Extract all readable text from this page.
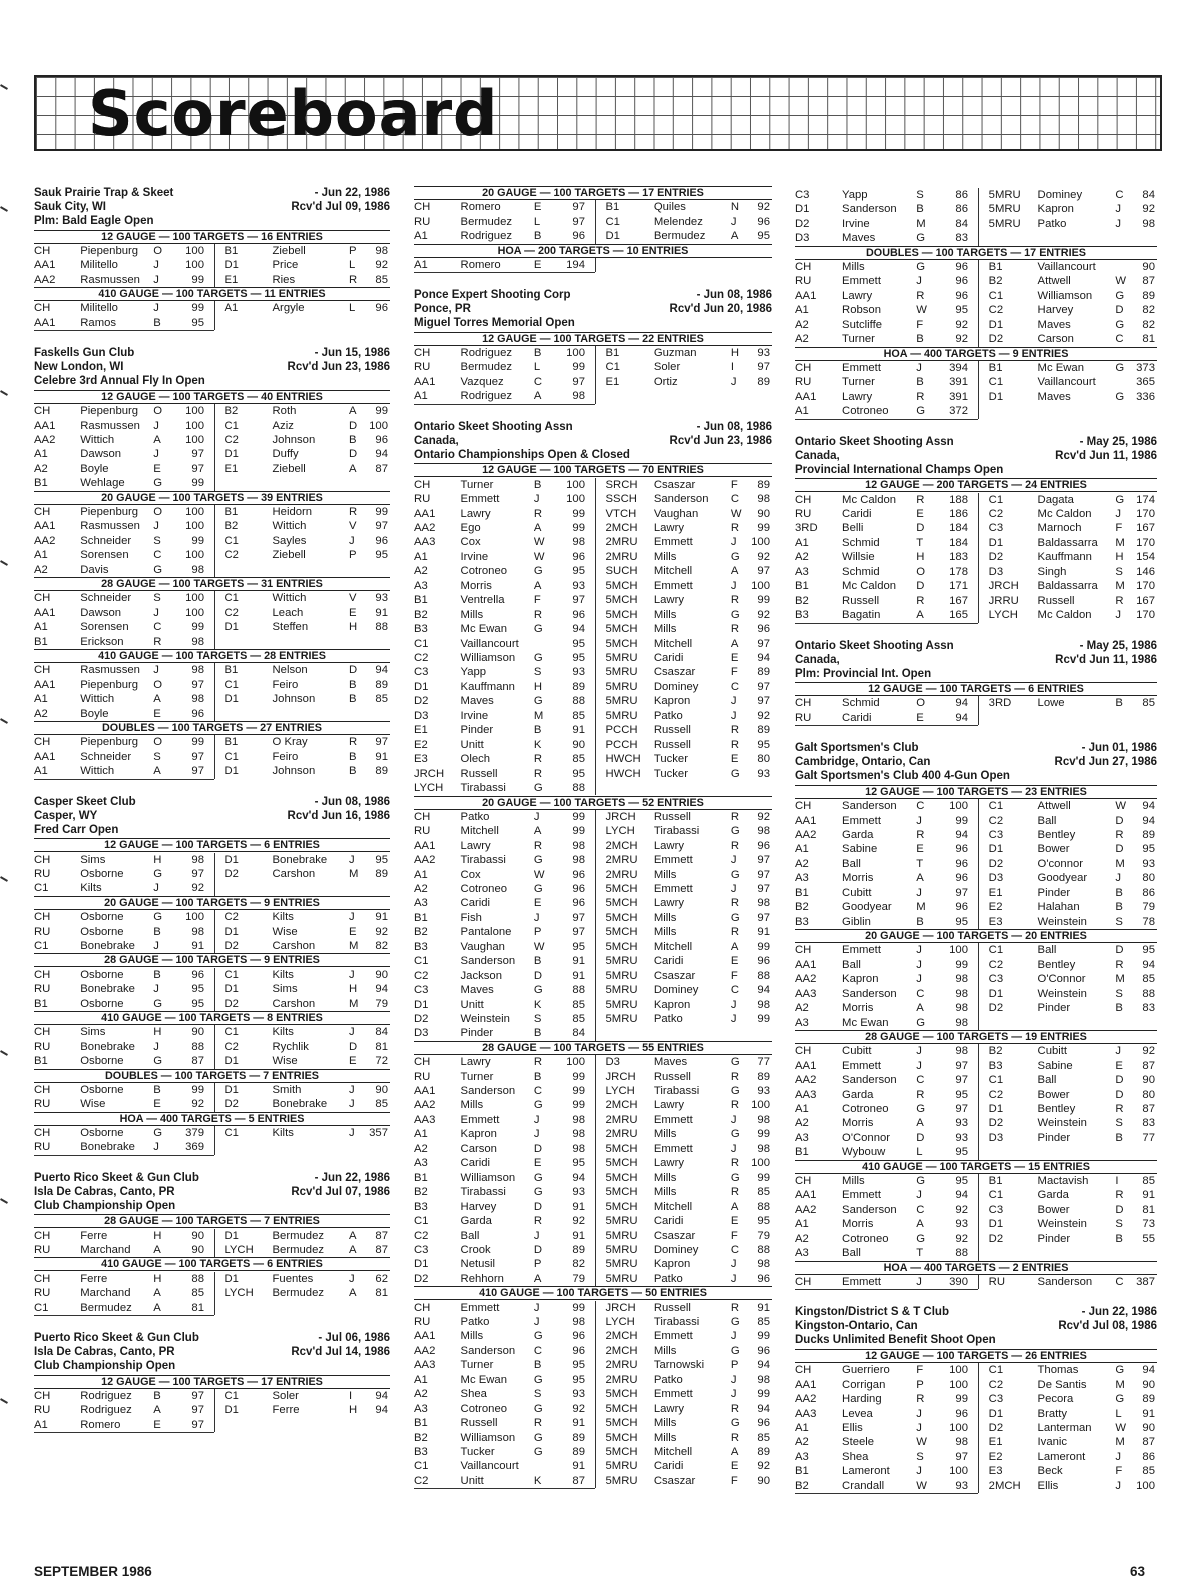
Scoreboard
Sauk Prairie Trap & Skeet	- Jun 22, 1986
Sauk City, WI	Rcv'd Jul 09, 1986
Plm: Bald Eagle Open
12 GAUGE — 100 TARGETS — 16 ENTRIES
CH	Piepenburg O 100 B1	Ziebell	P 98
AA1 Militello	J 100 D1	Price	L 92
AA2 Rasmussen J	99 E1	Ries	R 85
410 GAUGE — 100 TARGETS — 11 ENTRIES
CH	Militello	J	99 A1	Argyle	L 96
AA1 Ramos	B	95
Faskells Gun Club	- Jun 15, 1986
New London, WI	Rcv'd Jun 23, 1986
Celebre 3rd Annual Fly In Open
12 GAUGE — 100 TARGETS — 40 ENTRIES
CH	Piepenburg O 100 B2	Roth	A 99
AA1 Rasmussen J 100 C1	Aziz	D 100
AA2 Wittich	A 100 C2	Johnson	B 96
A1	Dawson	J	97 D1	Duffy	D 94
A2	Boyle	E	97 E1	Ziebell	A 87
B1	Wehlage	G	99
20 GAUGE — 100 TARGETS — 39 ENTRIES
CH	Piepenburg O 100 B1	Heidorn	R 99
AA1 Rasmussen J 100 B2	Wittich	V 97
AA2 Schneider S	99 C1	Sayles	J 96
A1	Sorensen C 100 C2	Ziebell	P 95
A2	Davis	G	98
28 GAUGE — 100 TARGETS — 31 ENTRIES
CH	Schneider S 100 C1	Wittich	V 93
AA1 Dawson	J 100 C2	Leach	E 91
A1	Sorensen C	99 D1	Steffen	H 88
B1	Erickson	R	98
410 GAUGE — 100 TARGETS — 28 ENTRIES
CH	Rasmussen J	98 B1	Nelson	D 94
AA1 Piepenburg O	97 C1	Feiro	B 89
A1	Wittich	A	98 D1	Johnson	B 85
A2	Boyle	E	96
DOUBLES — 100 TARGETS — 27 ENTRIES
CH	Piepenburg O	99 B1	O Kray	R 97
AA1 Schneider S	97 C1	Feiro	B 91
A1	Wittich	A	97 D1	Johnson	B 89
Casper Skeet Club	- Jun 08, 1986
Casper, WY	Rcv'd Jun 16, 1986
Fred Carr Open
12 GAUGE — 100 TARGETS — 6 ENTRIES
CH	Sims	H	98 D1	Bonebrake J 95
RU	Osborne	G	97 D2	Carshon	M 89
C1	Kilts	J	92
20 GAUGE — 100 TARGETS — 9 ENTRIES
CH	Osborne	G 100 C2	Kilts	J 91
RU	Osborne	B	98 D1	Wise	E 92
C1	Bonebrake J	91 D2	Carshon	M 82
28 GAUGE — 100 TARGETS — 9 ENTRIES
CH	Osborne	B	96 C1	Kilts	J 90
RU	Bonebrake J	95 D1	Sims	H 94
B1	Osborne	G	95 D2	Carshon	M 79
410 GAUGE — 100 TARGETS — 8 ENTRIES
CH	Sims	H	90 C1	Kilts	J 84
RU	Bonebrake J	88 C2	Rychlik	D 81
B1	Osborne	G	87 D1	Wise	E 72
DOUBLES — 100 TARGETS — 7 ENTRIES
CH	Osborne	B	99 D1	Smith	J 90
RU	Wise	E	92 D2	Bonebrake J 85
HOA — 400 TARGETS — 5 ENTRIES
CH	Osborne	G 379 C1	Kilts	J 357
RU	Bonebrake J 369
Puerto Rico Skeet & Gun Club	- Jun 22, 1986
Isla De Cabras, Canto, PR	Rcv'd Jul 07, 1986
Club Championship Open
28 GAUGE — 100 TARGETS — 7 ENTRIES
CH	Ferre	H	90 D1	Bermudez A 87
RU	Marchand A	90 LYCH Bermudez A 87
410 GAUGE — 100 TARGETS — 6 ENTRIES
CH	Ferre	H	88 D1	Fuentes	J 62
RU	Marchand A	85 LYCH Bermudez A 81
C1	Bermudez A	81
Puerto Rico Skeet & Gun Club	- Jul 06, 1986
Isla De Cabras, Canto, PR	Rcv'd Jul 14, 1986
Club Championship Open
12 GAUGE — 100 TARGETS — 17 ENTRIES
CH	Rodriguez B	97 C1	Soler	I 94
RU	Rodriguez A	97 D1	Ferre	H 94
A1	Romero	E	97
20 GAUGE — 100 TARGETS — 17 ENTRIES
CH	Romero	E	97 B1	Quiles	N 92
RU	Bermudez L	97 C1	Melendez J 96
A1	Rodriguez B	96 D1	Bermudez A 95
HOA — 200 TARGETS — 10 ENTRIES
A1	Romero	E 194
Ponce Expert Shooting Corp	- Jun 08, 1986
Ponce, PR	Rcv'd Jun 20, 1986
Miguel Torres Memorial Open
12 GAUGE — 100 TARGETS — 22 ENTRIES
CH	Rodriguez B 100 B1	Guzman	H 93
RU	Bermudez L	99 C1	Soler	I 97
AA1 Vazquez	C	97 E1	Ortiz	J 89
A1	Rodriguez A	98
Ontario Skeet Shooting Assn	- Jun 08, 1986
Canada,	Rcv'd Jun 23, 1986
Ontario Championships Open & Closed
12 GAUGE — 100 TARGETS — 70 ENTRIES
CH	Turner	B 100 SRCH Csaszar	F 89
RU	Emmett	J 100 SSCH Sanderson C 98
AA1 Lawry	R	99 VTCH Vaughan	W 90
AA2 Ego	A	99 2MCH Lawry	R 99
AA3 Cox	W 98 2MRU Emmett	J 100
A1	Irvine	W 96 2MRU Mills	G 92
A2	Cotroneo G	95 SUCH Mitchell	A 97
A3	Morris	A	93 5MCH Emmett	J 100
B1	Ventrella	F	97 5MCH Lawry	R 99
B2	Mills	R	96 5MCH Mills	G 92
B3	Mc Ewan G	94 5MCH Mills	R 96
C1	Vaillancourt	95 5MCH Mitchell	A 97
C2	Williamson G	95 5MRU Caridi	E 94
C3	Yapp	S	93 5MRU Csaszar	F 89
D1	Kauffmann H	89 5MRU Dominey	C 97
D2	Maves	G	88 5MRU Kapron	J 97
D3	Irvine	M	85 5MRU Patko	J 92
E1	Pinder	B	91 PCCH Russell	R 89
E2	Unitt	K	90 PCCH Russell	R 95
E3	Olech	R	85 HWCH Tucker	E 80
JRCH Russell	R	95 HWCH Tucker	G 93
LYCH Tirabassi G	88
20 GAUGE — 100 TARGETS — 52 ENTRIES
CH	Patko	J	99 JRCH Russell	R 92
RU	Mitchell	A	99 LYCH Tirabassi	G 98
AA1 Lawry	R	98 2MCH Lawry	R 96
AA2 Tirabassi G	98 2MRU Emmett	J 97
A1	Cox	W 96 2MRU Mills	G 97
A2	Cotroneo G	96 5MCH Emmett	J 97
A3	Caridi	E	96 5MCH Lawry	R 98
B1	Fish	J	97 5MCH Mills	G 97
B2	Pantalone P	97 5MCH Mills	R 91
B3	Vaughan	W 95 5MCH Mitchell	A 99
C1	Sanderson B	91 5MRU Caridi	E 96
C2	Jackson	D	91 5MRU Csaszar	F 88
C3	Maves	G	88 5MRU Dominey	C 94
D1	Unitt	K	85 5MRU Kapron	J 98
D2	Weinstein S	85 5MRU Patko	J 99
D3	Pinder	B	84
28 GAUGE — 100 TARGETS — 55 ENTRIES
CH	Lawry	R 100 D3	Maves	G 77
RU	Turner	B	99 JRCH Russell	R 89
AA1 Sanderson C	99 LYCH Tirabassi	G 93
AA2 Mills	G	99 2MCH Lawry	R 100
AA3 Emmett	J	98 2MRU Emmett	J 98
A1	Kapron	J	98 2MRU Mills	G 99
A2	Carson	D	98 5MCH Emmett	J 98
A3	Caridi	E	95 5MCH Lawry	R 100
B1	Williamson G	94 5MCH Mills	G 99
B2	Tirabassi G	93 5MCH Mills	R 85
B3	Harvey	D	91 5MCH Mitchell	A 88
C1	Garda	R	92 5MRU Caridi	E 95
C2	Ball	J	91 5MRU Csaszar	F 79
C3	Crook	D	89 5MRU Dominey	C 88
D1	Netusil	P	82 5MRU Kapron	J 98
D2	Rehhorn	A	79 5MRU Patko	J 96
410 GAUGE — 100 TARGETS — 50 ENTRIES
CH	Emmett	J	99 JRCH Russell	R 91
RU	Patko	J	98 LYCH Tirabassi	G 85
AA1 Mills	G	96 2MCH Emmett	J 99
AA2 Sanderson C	96 2MCH Mills	G 96
AA3 Turner	B	95 2MRU Tarnowski P 94
A1	Mc Ewan G	95 2MRU Patko	J 98
A2	Shea	S	93 5MCH Emmett	J 99
A3	Cotroneo G	92 5MCH Lawry	R 94
B1	Russell	R	91 5MCH Mills	G 96
B2	Williamson G	89 5MCH Mills	R 85
B3	Tucker	G	89 5MCH Mitchell	A 89
C1	Vaillancourt	91 5MRU Caridi	E 92
C2	Unitt	K	87 5MRU Csaszar	F 90
C3	Yapp	S	86 5MRU Dominey	C 84
D1	Sanderson B	86 5MRU Kapron	J 92
D2	Irvine	M	84 5MRU Patko	J 98
D3	Maves	G	83
DOUBLES — 100 TARGETS — 17 ENTRIES
CH	Mills	G	96 B1	Vaillancourt	90
RU	Emmett	J	96 B2	Attwell	W 87
AA1 Lawry	R	96 C1	Williamson G 89
A1	Robson	W	95 C2	Harvey	D 82
A2	Sutcliffe	F	92 D1	Maves	G 82
A2	Turner	B	92 D2	Carson	C 81
HOA — 400 TARGETS — 9 ENTRIES
CH	Emmett	J 394 B1	Mc Ewan	G 373
RU	Turner	B 391 C1	Vaillancourt	365
AA1 Lawry	R 391 D1	Maves	G 336
A1	Cotroneo G 372
Ontario Skeet Shooting Assn	- May 25, 1986
Canada,	Rcv'd Jun 11, 1986
Provincial International Champs Open
12 GAUGE — 200 TARGETS — 24 ENTRIES
CH	Mc Caldon R 188 C1	Dagata	G 174
RU	Caridi	E 186 C2	Mc Caldon J 170
3RD Belli	D 184 C3	Marnoch	F 167
A1	Schmid	T 184 D1	Baldassarra M 170
A2	Willsie	H 183 D2	Kauffmann H 154
A3	Schmid	O 178 D3	Singh	S 146
B1	Mc Caldon D 171 JRCH Baldassarra M 170
B2	Russell	R 167 JRRU Russell	R 167
B3	Bagatin	A 165 LYCH Mc Caldon J 170
Ontario Skeet Shooting Assn	- May 25, 1986
Canada,	Rcv'd Jun 11, 1986
Plm: Provincial Int. Open
12 GAUGE — 100 TARGETS — 6 ENTRIES
CH	Schmid	O	94 3RD Lowe	B 85
RU	Caridi	E	94
Galt Sportsmen's Club	- Jun 01, 1986
Cambridge, Ontario, Can	Rcv'd Jun 27, 1986
Galt Sportsmen's Club 400 4-Gun Open
12 GAUGE — 100 TARGETS — 23 ENTRIES
CH	Sanderson C 100 C1	Attwell	W 94
AA1 Emmett	J	99 C2	Ball	D 94
AA2 Garda	R	94 C3	Bentley	R 89
A1	Sabine	E	96 D1	Bower	D 95
A2	Ball	T	96 D2	O'connor	M 93
A3	Morris	A	96 D3	Goodyear J 80
B1	Cubitt	J	97 E1	Pinder	B 86
B2	Goodyear M	96 E2	Halahan	B 79
B3	Giblin	B	95 E3	Weinstein	S 78
20 GAUGE — 100 TARGETS — 20 ENTRIES
CH	Emmett	J 100 C1	Ball	D 95
AA1 Ball	J	99 C2	Bentley	R 94
AA2 Kapron	J	98 C3	O'Connor	M 85
AA3 Sanderson C	98 D1	Weinstein	S 88
A2	Morris	A	98 D2	Pinder	B 83
A3	Mc Ewan G	98
28 GAUGE — 100 TARGETS — 19 ENTRIES
CH	Cubitt	J	98 B2	Cubitt	J 92
AA1 Emmett	J	97 B3	Sabine	E 87
AA2 Sanderson C	97 C1	Ball	D 90
AA3 Garda	R	95 C2	Bower	D 80
A1	Cotroneo G	97 D1	Bentley	R 87
A2	Morris	A	93 D2	Weinstein	S 83
A3	O'Connor D	93 D3	Pinder	B 77
B1	Wybouw	L	95
410 GAUGE — 100 TARGETS — 15 ENTRIES
CH	Mills	G	95 B1	Mactavish I 85
AA1 Emmett	J	94 C1	Garda	R 91
AA2 Sanderson C	92 C3	Bower	D 81
A1	Morris	A	93 D1	Weinstein	S 73
A2	Cotroneo G	92 D2	Pinder	B 55
A3	Ball	T	88
HOA — 400 TARGETS — 2 ENTRIES
CH	Emmett	J 390 RU	Sanderson C 387
Kingston/District S & T Club	- Jun 22, 1986
Kingston-Ontario, Can	Rcv'd Jul 08, 1986
Ducks Unlimited Benefit Shoot Open
12 GAUGE — 100 TARGETS — 26 ENTRIES
CH	Guerriero F 100 C1	Thomas	G 94
AA1 Corrigan	P 100 C2	De Santis	M 90
AA2 Harding	R	99 C3	Pecora	G 89
AA3 Levea	J	96 D1	Bratty	L 91
A1	Ellis	J 100 D2	Lanterman W 90
A2	Steele	W	98 E1	Ivanic	M 87
A3	Shea	S	97 E2	Lameront	J 86
B1	Lameront J 100 E3	Beck	F 85
B2	Crandall	W	93 2MCH Ellis	J 100
SEPTEMBER 1986	63
